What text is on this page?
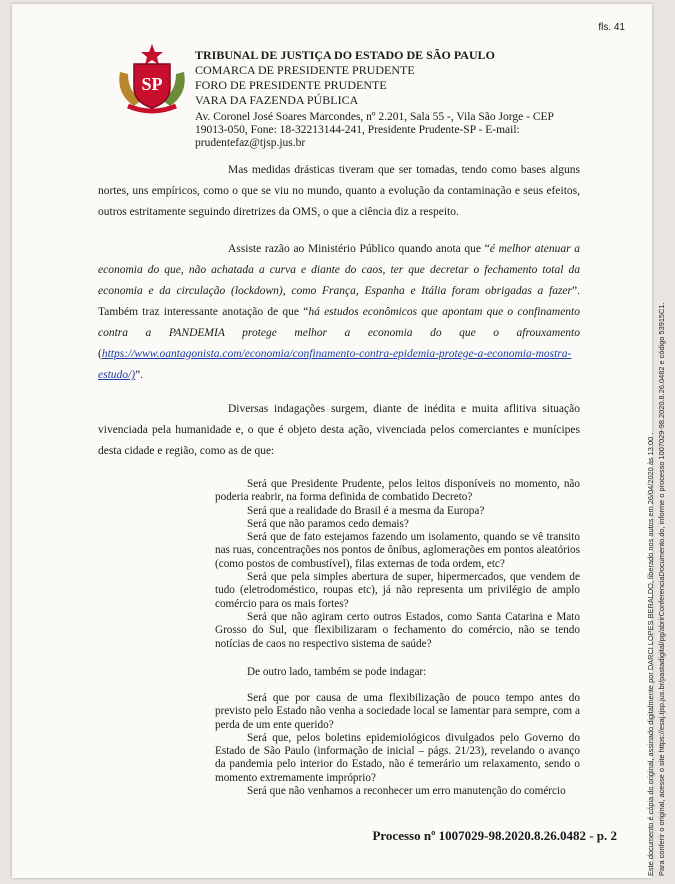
fls. 41
SP
TRIBUNAL DE JUSTIÇA DO ESTADO DE SÃO PAULO
COMARCA DE PRESIDENTE PRUDENTE
FORO DE PRESIDENTE PRUDENTE
VARA DA FAZENDA PÚBLICA
Av. Coronel José Soares Marcondes, nº 2.201, Sala 55 -, Vila São Jorge - CEP
19013-050, Fone: 18-32213144-241, Presidente Prudente-SP - E-mail:
prudentefaz@tjsp.jus.br
Mas medidas drásticas tiveram que ser tomadas, tendo como bases alguns nortes, uns empíricos, como o que se viu no mundo, quanto a evolução da contaminação e seus efeitos, outros estritamente seguindo diretrizes da OMS, o que a ciência diz a respeito.
Assiste razão ao Ministério Público quando anota que “é melhor atenuar a economia do que, não achatada a curva e diante do caos, ter que decretar o fechamento total da economia e da circulação (lockdown), como França, Espanha e Itália foram obrigadas a fazer”. Também traz interessante anotação de que “há estudos econômicos que apontam que o confinamento contra a PANDEMIA protege melhor a economia do que o afrouxamento (https://www.oantagonista.com/economia/confinamento-contra-epidemia-protege-a-economia-mostra-estudo/)”.
Diversas indagações surgem, diante de inédita e muita aflitiva situação vivenciada pela humanidade e, o que é objeto desta ação, vivenciada pelos comerciantes e munícipes desta cidade e região, como as de que:

Será que Presidente Prudente, pelos leitos disponíveis no momento, não poderia reabrir, na forma definida de combatido Decreto?

Será que a realidade do Brasil é a mesma da Europa?

Será que não paramos cedo demais?

Será que de fato estejamos fazendo um isolamento, quando se vê transito nas ruas, concentrações nos pontos de ônibus, aglomerações em pontos aleatórios (como postos de combustível), filas externas de toda ordem, etc?

Será que pela simples abertura de super, hipermercados, que vendem de tudo (eletrodoméstico, roupas etc), já não representa um privilégio de amplo comércio para os mais fortes?

Será que não agiram certo outros Estados, como Santa Catarina e Mato Grosso do Sul, que flexibilizaram o fechamento do comércio, não se tendo notícias de caos no respectivo sistema de saúde?

De outro lado, também se pode indagar:

Será que por causa de uma flexibilização de pouco tempo antes do previsto pelo Estado não venha a sociedade local se lamentar para sempre, com a perda de um ente querido?

Será que, pelos boletins epidemiológicos divulgados pelo Governo do Estado de São Paulo (informação de inicial – págs. 21/23), revelando o avanço da pandemia pelo interior do Estado, não é temerário um relaxamento, sendo o momento extremamente impróprio?

Será que não venhamos a reconhecer um erro manutenção do comércio

Processo nº 1007029-98.2020.8.26.0482 - p. 2	Este documento é cópia do original, assinado digitalmente por DARCI LOPES BERALDO, liberado nos autos em 26/04/2020 às 13:00 . Para conferir o original, acesse o site https://esaj.tjsp.jus.br/pastadigital/pg/abrirConferenciaDocumento.do, informe o processo 1007029-98.2020.8.26.0482 e código 53915C1.
